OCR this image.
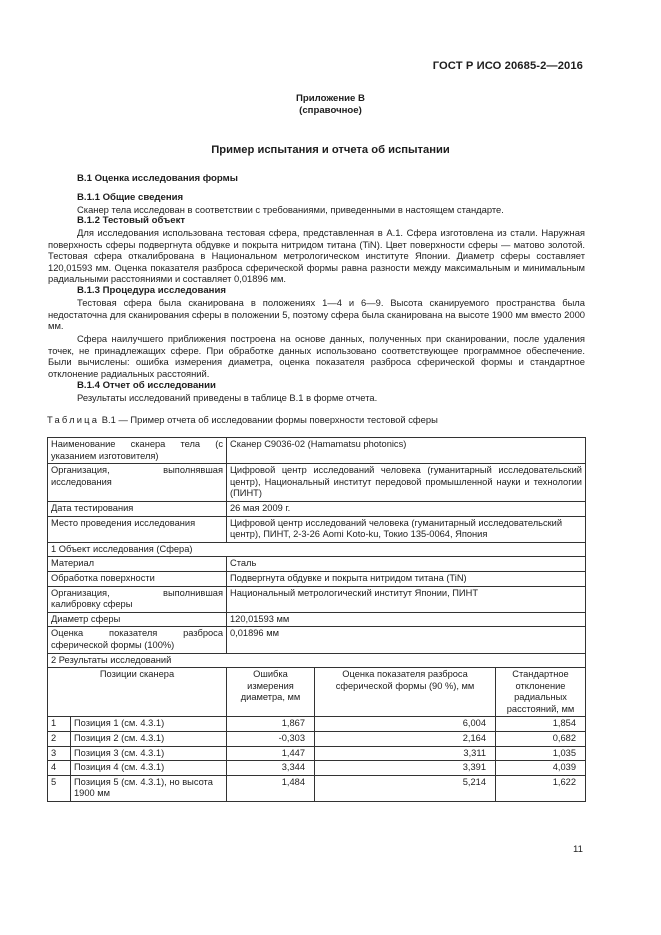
ГОСТ Р ИСО 20685-2—2016
Приложение В
(справочное)
Пример испытания и отчета об испытании
В.1 Оценка исследования формы
В.1.1 Общие сведения
Сканер тела исследован в соответствии с требованиями, приведенными в настоящем стандарте.
В.1.2 Тестовый объект
Для исследования использована тестовая сфера, представленная в А.1. Сфера изготовлена из стали. Наружная поверхность сферы подвергнута обдувке и покрыта нитридом титана (TiN). Цвет поверхности сферы — матово золотой. Тестовая сфера откалибрована в Национальном метрологическом институте Японии. Диаметр сферы составляет 120,01593 мм. Оценка показателя разброса сферической формы равна разности между максимальным и минимальным радиальными расстояниями и составляет 0,01896 мм.
В.1.3 Процедура исследования
Тестовая сфера была сканирована в положениях 1—4 и 6—9. Высота сканируемого пространства была недостаточна для сканирования сферы в положении 5, поэтому сфера была сканирована на высоте 1900 мм вместо 2000 мм.
Сфера наилучшего приближения построена на основе данных, полученных при сканировании, после удаления точек, не принадлежащих сфере. При обработке данных использовано соответствующее программное обеспечение. Были вычислены: ошибка измерения диаметра, оценка показателя разброса сферической формы и стандартное отклонение радиальных расстояний.
В.1.4 Отчет об исследовании
Результаты исследований приведены в таблице В.1 в форме отчета.
Таблица В.1 — Пример отчета об исследовании формы поверхности тестовой сферы
Наименование сканера тела (с указанием изготовителя)		Сканер C9036-02 (Hamamatsu photonics)		
Организация, выполнявшая исследования		Цифровой центр исследований человека (гуманитарный исследовательский центр), Национальный институт передовой промышленной науки и технологии (ПИНТ)		
Дата тестирования		26 мая 2009 г.		
Место проведения исследования		Цифровой центр исследований человека (гуманитарный исследовательский центр), ПИНТ, 2-3-26 Aomi Koto-ku, Токио 135-0064, Япония		
1 Объект исследования (Сфера)				
Материал		Сталь		
Обработка поверхности		Подвергнута обдувке и покрыта нитридом титана (TiN)		
Организация, выполнившая калибровку сферы		Национальный метрологический институт Японии, ПИНТ		
Диаметр сферы		120,01593 мм		
Оценка показателя разброса сферической формы (100%)		0,01896 мм		
2 Результаты исследований				
Позиции сканера		Ошибка измерения диаметра, мм	Оценка показателя разброса сферической формы (90 %), мм	Стандартное отклонение радиальных расстояний, мм
1	Позиция 1 (см. 4.3.1)	1,867	6,004	1,854
2	Позиция 2 (см. 4.3.1)	-0,303	2,164	0,682
3	Позиция 3 (см. 4.3.1)	1,447	3,311	1,035
4	Позиция 4 (см. 4.3.1)	3,344	3,391	4,039
5	Позиция 5 (см. 4.3.1), но высота 1900 мм	1,484	5,214	1,622
11
